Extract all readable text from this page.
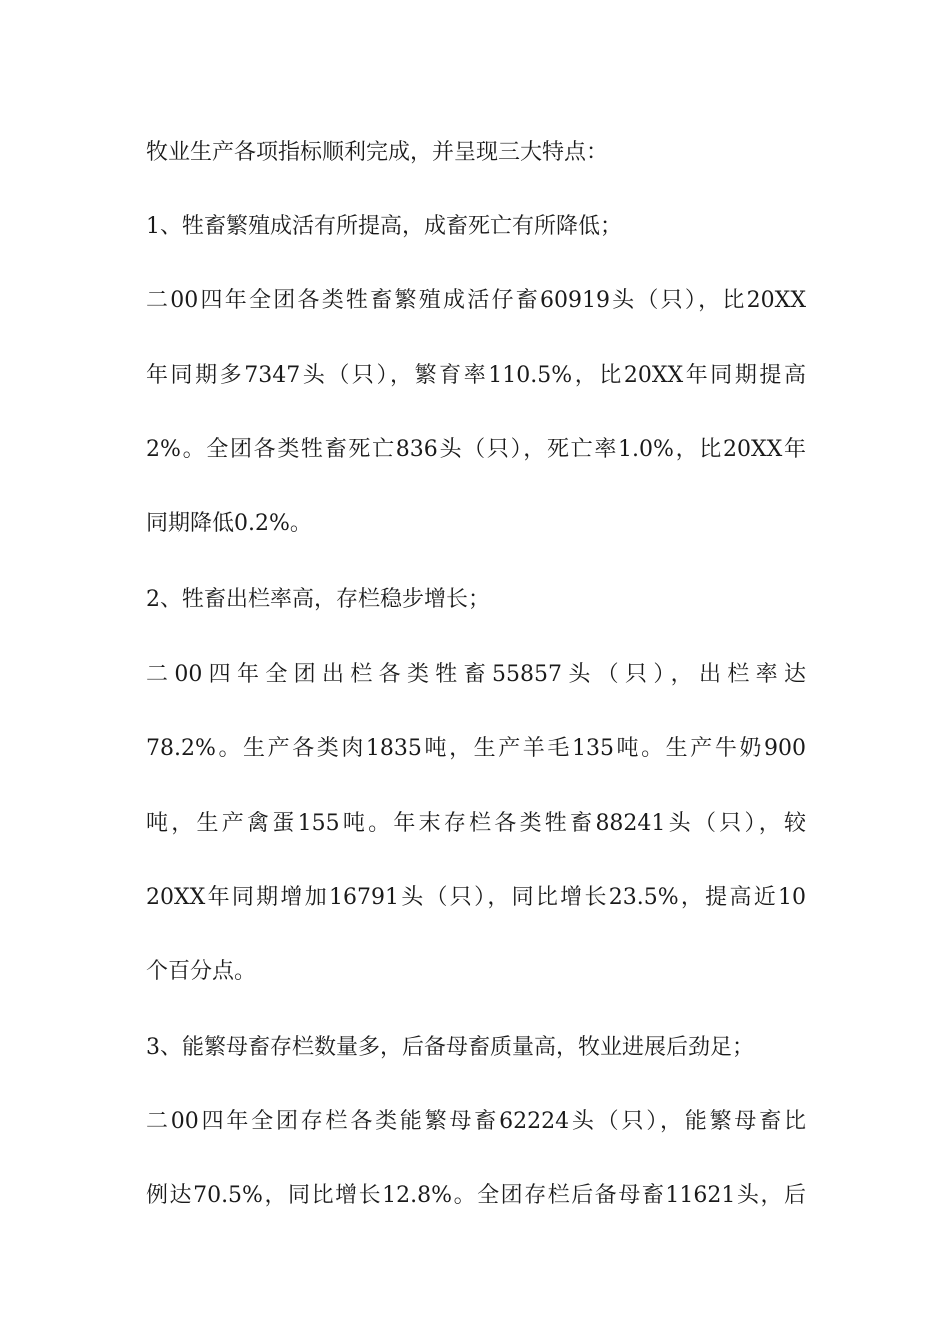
牧业生产各项指标顺利完成，并呈现三大特点：

1、牲畜繁殖成活有所提高，成畜死亡有所降低；

二00四年全团各类牲畜繁殖成活仔畜60919头（只），比20XX

年同期多7347头（只），繁育率110.5%，比20XX年同期提高

2%。全团各类牲畜死亡836头（只），死亡率1.0%，比20XX年

同期降低0.2%。

2、牲畜出栏率高，存栏稳步增长；

二00四年全团出栏各类牲畜55857头（只），出栏率达

78.2%。生产各类肉1835吨，生产羊毛135吨。生产牛奶900

吨，生产禽蛋155吨。年末存栏各类牲畜88241头（只），较

20XX年同期增加16791头（只），同比增长23.5%，提高近10

个百分点。

3、能繁母畜存栏数量多，后备母畜质量高，牧业进展后劲足；

二00四年全团存栏各类能繁母畜62224头（只），能繁母畜比

例达70.5%，同比增长12.8%。全团存栏后备母畜11621头，后
